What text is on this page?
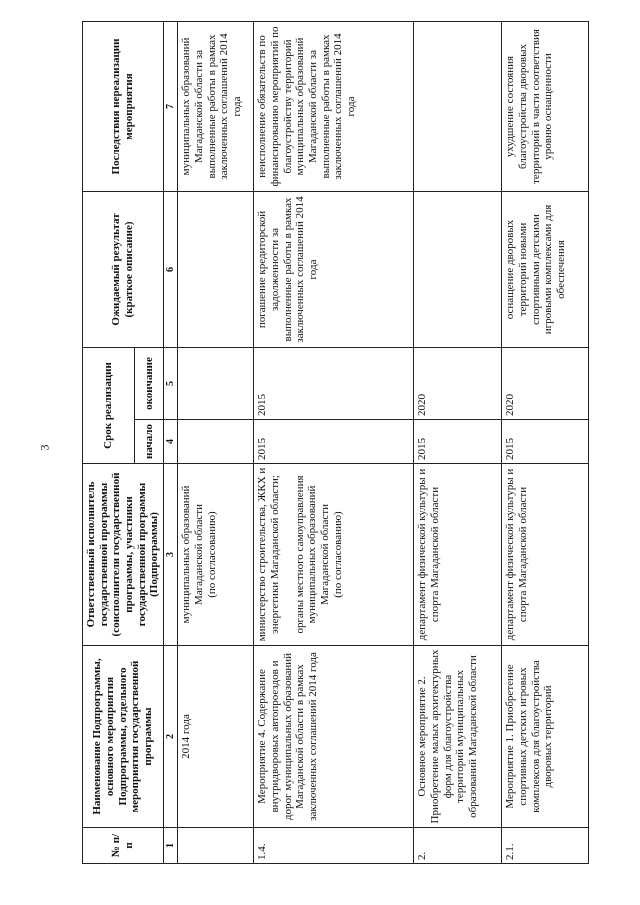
3
№ п/п	Наименование Подпрограммы, основного мероприятия Подпрограммы, отдельного мероприятия государственной программы	Ответственный исполнитель государственной программы (соисполнители государственной программы, участники государственной программы (Подпрограммы)	Срок реализации		Ожидаемый результат (краткое описание)	Последствия нереализации мероприятия
			начало	окончание		
1	2	3	4	5	6	7
	2014 года	муниципальных образований Магаданской области (по согласованию)				муниципальных образований Магаданской области за выполненные работы в рамках заключенных соглашений 2014 года
1.4.	Мероприятие 4. Содержание внутридворовых автопроездов и дорог муниципальных образований Магаданской области в рамках заключенных соглашений 2014 года	министерство строительства, ЖКХ и энергетики Магаданской области; органы местного самоуправления муниципальных образований Магаданской области (по согласованию)	2015	2015	погашение кредиторской задолженности за выполненные работы в рамках заключенных соглашений 2014 года	неисполнение обязательств по финансированию мероприятий по благоустройству территорий муниципальных образований Магаданской области за выполненные работы в рамках заключенных соглашений 2014 года
2.	Основное мероприятие 2. Приобретение малых архитектурных форм для благоустройства территорий муниципальных образований Магаданской области	департамент физической культуры и спорта Магаданской области	2015	2020		
2.1.	Мероприятие 1. Приобретение спортивных детских игровых комплексов для благоустройства дворовых территорий	департамент физической культуры и спорта Магаданской области	2015	2020	оснащение дворовых территорий новыми спортивными детскими игровыми комплексами для обеспечения	ухудшение состояния благоустройства дворовых территорий в части соответствия уровню оснащенности
